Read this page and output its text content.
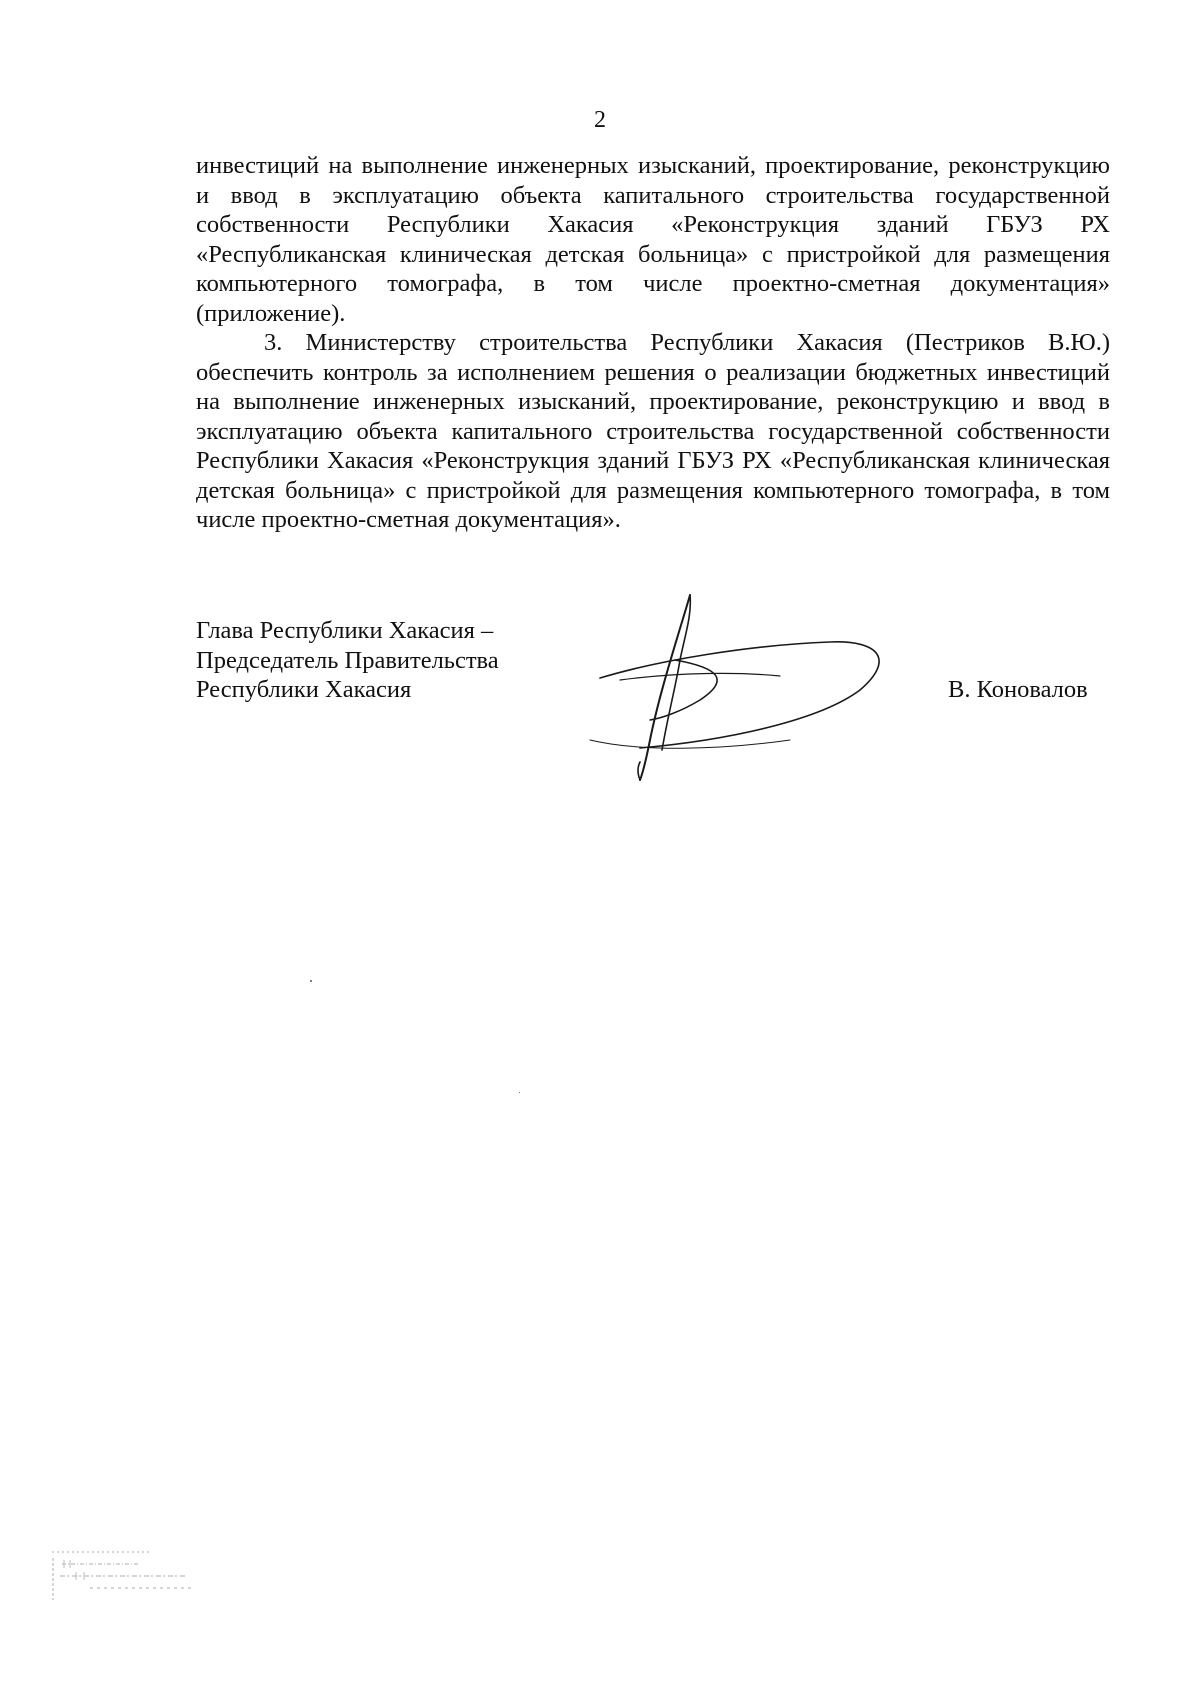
2

инвестиций на выполнение инженерных изысканий, проектирование, реконструкцию и ввод в эксплуатацию объекта капитального строительства государственной собственности Республики Хакасия «Реконструкция зданий ГБУЗ РХ «Республиканская клиническая детская больница» с пристройкой для размещения компьютерного томографа, в том числе проектно-сметная документация» (приложение).

3. Министерству строительства Республики Хакасия (Пестриков В.Ю.) обеспечить контроль за исполнением решения о реализации бюджетных инвестиций на выполнение инженерных изысканий, проектирование, реконструкцию и ввод в эксплуатацию объекта капитального строительства государственной собственности Республики Хакасия «Реконструкция зданий ГБУЗ РХ «Республиканская клиническая детская больница» с пристройкой для размещения компьютерного томографа, в том числе проектно-сметная документация».

Глава Республики Хакасия –
Председатель Правительства
Республики Хакасия	В. Коновалов
